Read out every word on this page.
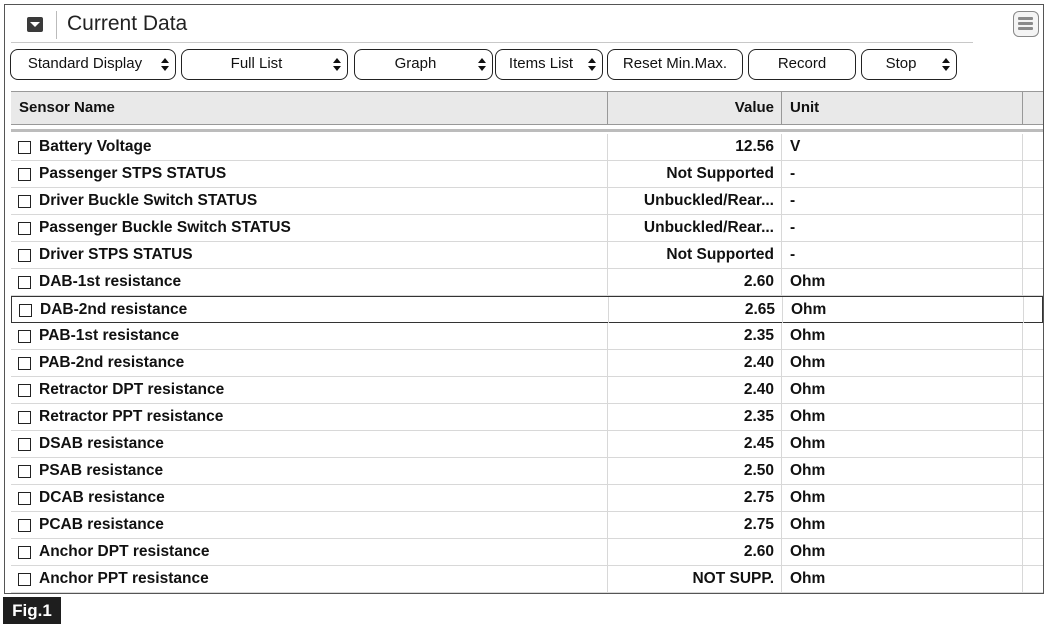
Current Data
Standard Display	Full List	Graph	Items List	Reset Min.Max.	Record	Stop
Sensor Name	Value Unit
Battery Voltage	12.56 V
Passenger STPS STATUS	Not Supported -
Driver Buckle Switch STATUS	Unbuckled/Rear... -
Passenger Buckle Switch STATUS	Unbuckled/Rear... -
Driver STPS STATUS	Not Supported -
DAB-1st resistance	2.60 Ohm
DAB-2nd resistance	2.65 Ohm
PAB-1st resistance	2.35 Ohm
PAB-2nd resistance	2.40 Ohm
Retractor DPT resistance	2.40 Ohm
Retractor PPT resistance	2.35 Ohm
DSAB resistance	2.45 Ohm
PSAB resistance	2.50 Ohm
DCAB resistance	2.75 Ohm
PCAB resistance	2.75 Ohm
Anchor DPT resistance	2.60 Ohm
Anchor PPT resistance	NOT SUPP. Ohm
Fig.1
